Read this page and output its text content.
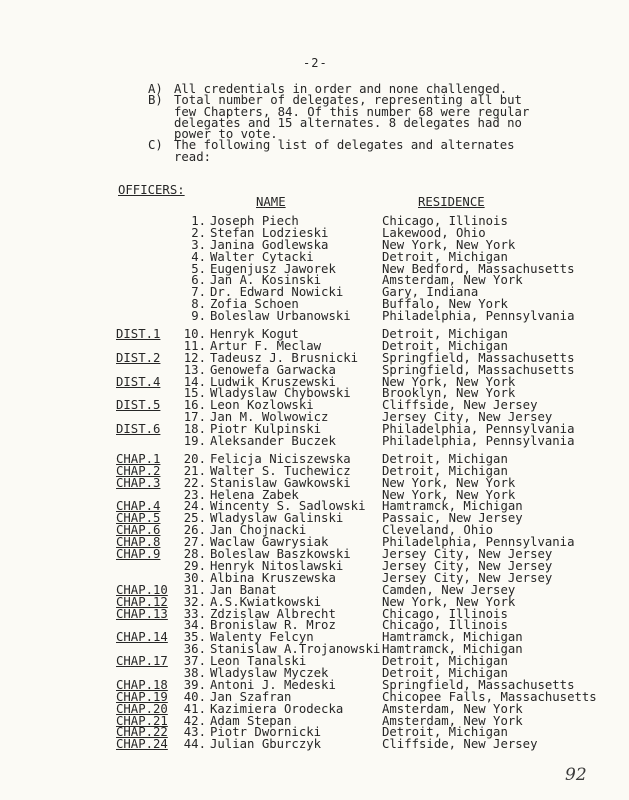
-2-
A) All credentials in order and none challenged.
B) Total number of delegates, representing all but
few Chapters, 84. Of this number 68 were regular
delegates and 15 alternates. 8 delegates had no
power to vote.
C) The following list of delegates and alternates
read:
OFFICERS:
NAME	RESIDENCE
1. Joseph Piech	Chicago, Illinois
2. Stefan Lodzieski	Lakewood, Ohio
3. Janina Godlewska	New York, New York
4. Walter Cytacki	Detroit, Michigan
5. Eugenjusz Jaworek	New Bedford, Massachusetts
6. Jan A. Kosinski	Amsterdam, New York
7. Dr. Edward Nowicki	Gary, Indiana
8. Zofia Schoen	Buffalo, New York
9. Boleslaw Urbanowski	Philadelphia, Pennsylvania
DIST.1 10. Henryk Kogut	Detroit, Michigan
11. Artur F. Meclaw	Detroit, Michigan
DIST.2 12. Tadeusz J. Brusnicki Springfield, Massachusetts
13. Genowefa Garwacka	Springfield, Massachusetts
DIST.4 14. Ludwik Kruszewski	New York, New York
15. Wladyslaw Chybowski	Brooklyn, New York
DIST.5 16. Leon Kozlowski	Cliffside, New Jersey
17. Jan M. Wolwowicz	Jersey City, New Jersey
DIST.6 18. Piotr Kulpinski	Philadelphia, Pennsylvania
19. Aleksander Buczek	Philadelphia, Pennsylvania
CHAP.1 20. Felicja Niciszewska	Detroit, Michigan
CHAP.2 21. Walter S. Tuchewicz	Detroit, Michigan
CHAP.3 22. Stanislaw Gawkowski	New York, New York
23. Helena Zabek	New York, New York
CHAP.4 24. Wincenty S. Sadlowski Hamtramck, Michigan
CHAP.5 25. Wladyslaw Galinski	Passaic, New Jersey
CHAP.6 26. Jan Chojnacki	Cleveland, Ohio
CHAP.8 27. Waclaw Gawrysiak	Philadelphia, Pennsylvania
CHAP.9 28. Boleslaw Baszkowski	Jersey City, New Jersey
29. Henryk Nitoslawski	Jersey City, New Jersey
30. Albina Kruszewska	Jersey City, New Jersey
CHAP.10 31. Jan Banat	Camden, New Jersey
CHAP.12 32. A.S.Kwiatkowski	New York, New York
CHAP.13 33. Zdzislaw Albrecht	Chicago, Illinois
34. Bronislaw R. Mroz	Chicago, Illinois
CHAP.14 35. Walenty Felcyn	Hamtramck, Michigan
36. Stanislaw A.Trojanowski Hamtramck, Michigan
CHAP.17 37. Leon Tanalski	Detroit, Michigan
38. Wladyslaw Myczek	Detroit, Michigan
CHAP.18 39. Antoni J. Medeski	Springfield, Massachusetts
CHAP.19 40. Jan Szafran	Chicopee Falls, Massachusetts
CHAP.20 41. Kazimiera Orodecka	Amsterdam, New York
CHAP.21 42. Adam Stepan	Amsterdam, New York
CHAP.22 43. Piotr Dwornicki	Detroit, Michigan
CHAP.24 44. Julian Gburczyk	Cliffside, New Jersey
92
